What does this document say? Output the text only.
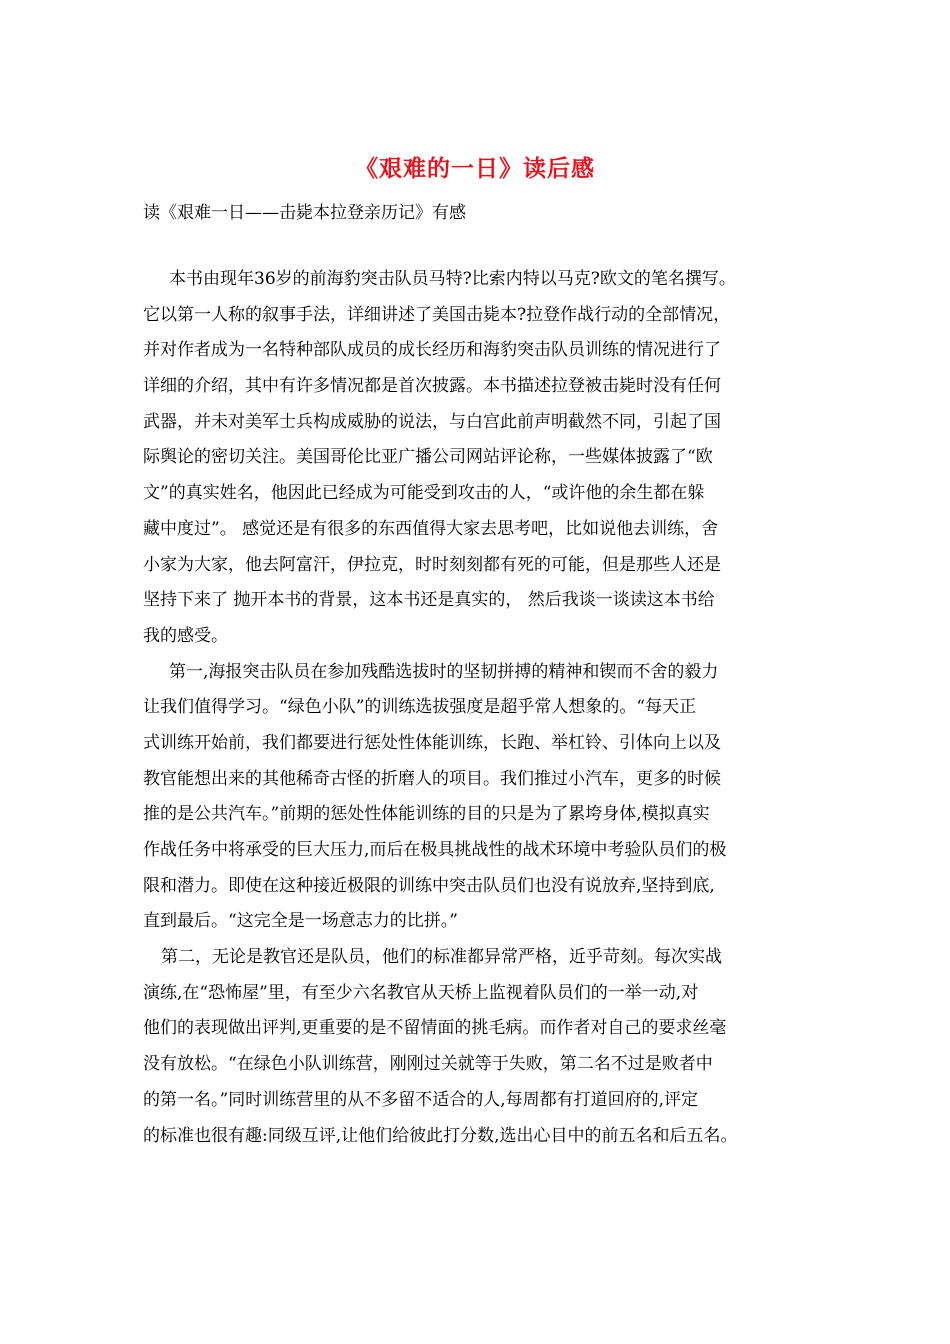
《艰难的一日》读后感
读《艰难一日——击毙本拉登亲历记》有感
本书由现年36岁的前海豹突击队员马特?比索内特以马克?欧文的笔名撰写。
它以第一人称的叙事手法，详细讲述了美国击毙本?拉登作战行动的全部情况，
并对作者成为一名特种部队成员的成长经历和海豹突击队员训练的情况进行了
详细的介绍，其中有许多情况都是首次披露。本书描述拉登被击毙时没有任何
武器，并未对美军士兵构成威胁的说法，与白宫此前声明截然不同，引起了国
际舆论的密切关注。美国哥伦比亚广播公司网站评论称，一些媒体披露了“欧
文”的真实姓名，他因此已经成为可能受到攻击的人，“或许他的余生都在躲
藏中度过”。 感觉还是有很多的东西值得大家去思考吧，比如说他去训练，舍
小家为大家，他去阿富汗，伊拉克，时时刻刻都有死的可能，但是那些人还是
坚持下来了 抛开本书的背景，这本书还是真实的， 然后我谈一谈读这本书给
我的感受。
第一,海报突击队员在参加残酷选拔时的坚韧拼搏的精神和锲而不舍的毅力
让我们值得学习。“绿色小队”的训练选拔强度是超乎常人想象的。“每天正
式训练开始前，我们都要进行惩处性体能训练，长跑、举杠铃、引体向上以及
教官能想出来的其他稀奇古怪的折磨人的项目。我们推过小汽车，更多的时候
推的是公共汽车。”前期的惩处性体能训练的目的只是为了累垮身体,模拟真实
作战任务中将承受的巨大压力,而后在极具挑战性的战术环境中考验队员们的极
限和潜力。即使在这种接近极限的训练中突击队员们也没有说放弃,坚持到底,
直到最后。“这完全是一场意志力的比拼。”
第二，无论是教官还是队员，他们的标准都异常严格，近乎苛刻。每次实战
演练,在“恐怖屋”里，有至少六名教官从天桥上监视着队员们的一举一动,对
他们的表现做出评判,更重要的是不留情面的挑毛病。而作者对自己的要求丝毫
没有放松。“在绿色小队训练营，刚刚过关就等于失败，第二名不过是败者中
的第一名。”同时训练营里的从不多留不适合的人,每周都有打道回府的,评定
的标准也很有趣:同级互评,让他们给彼此打分数,选出心目中的前五名和后五名。
